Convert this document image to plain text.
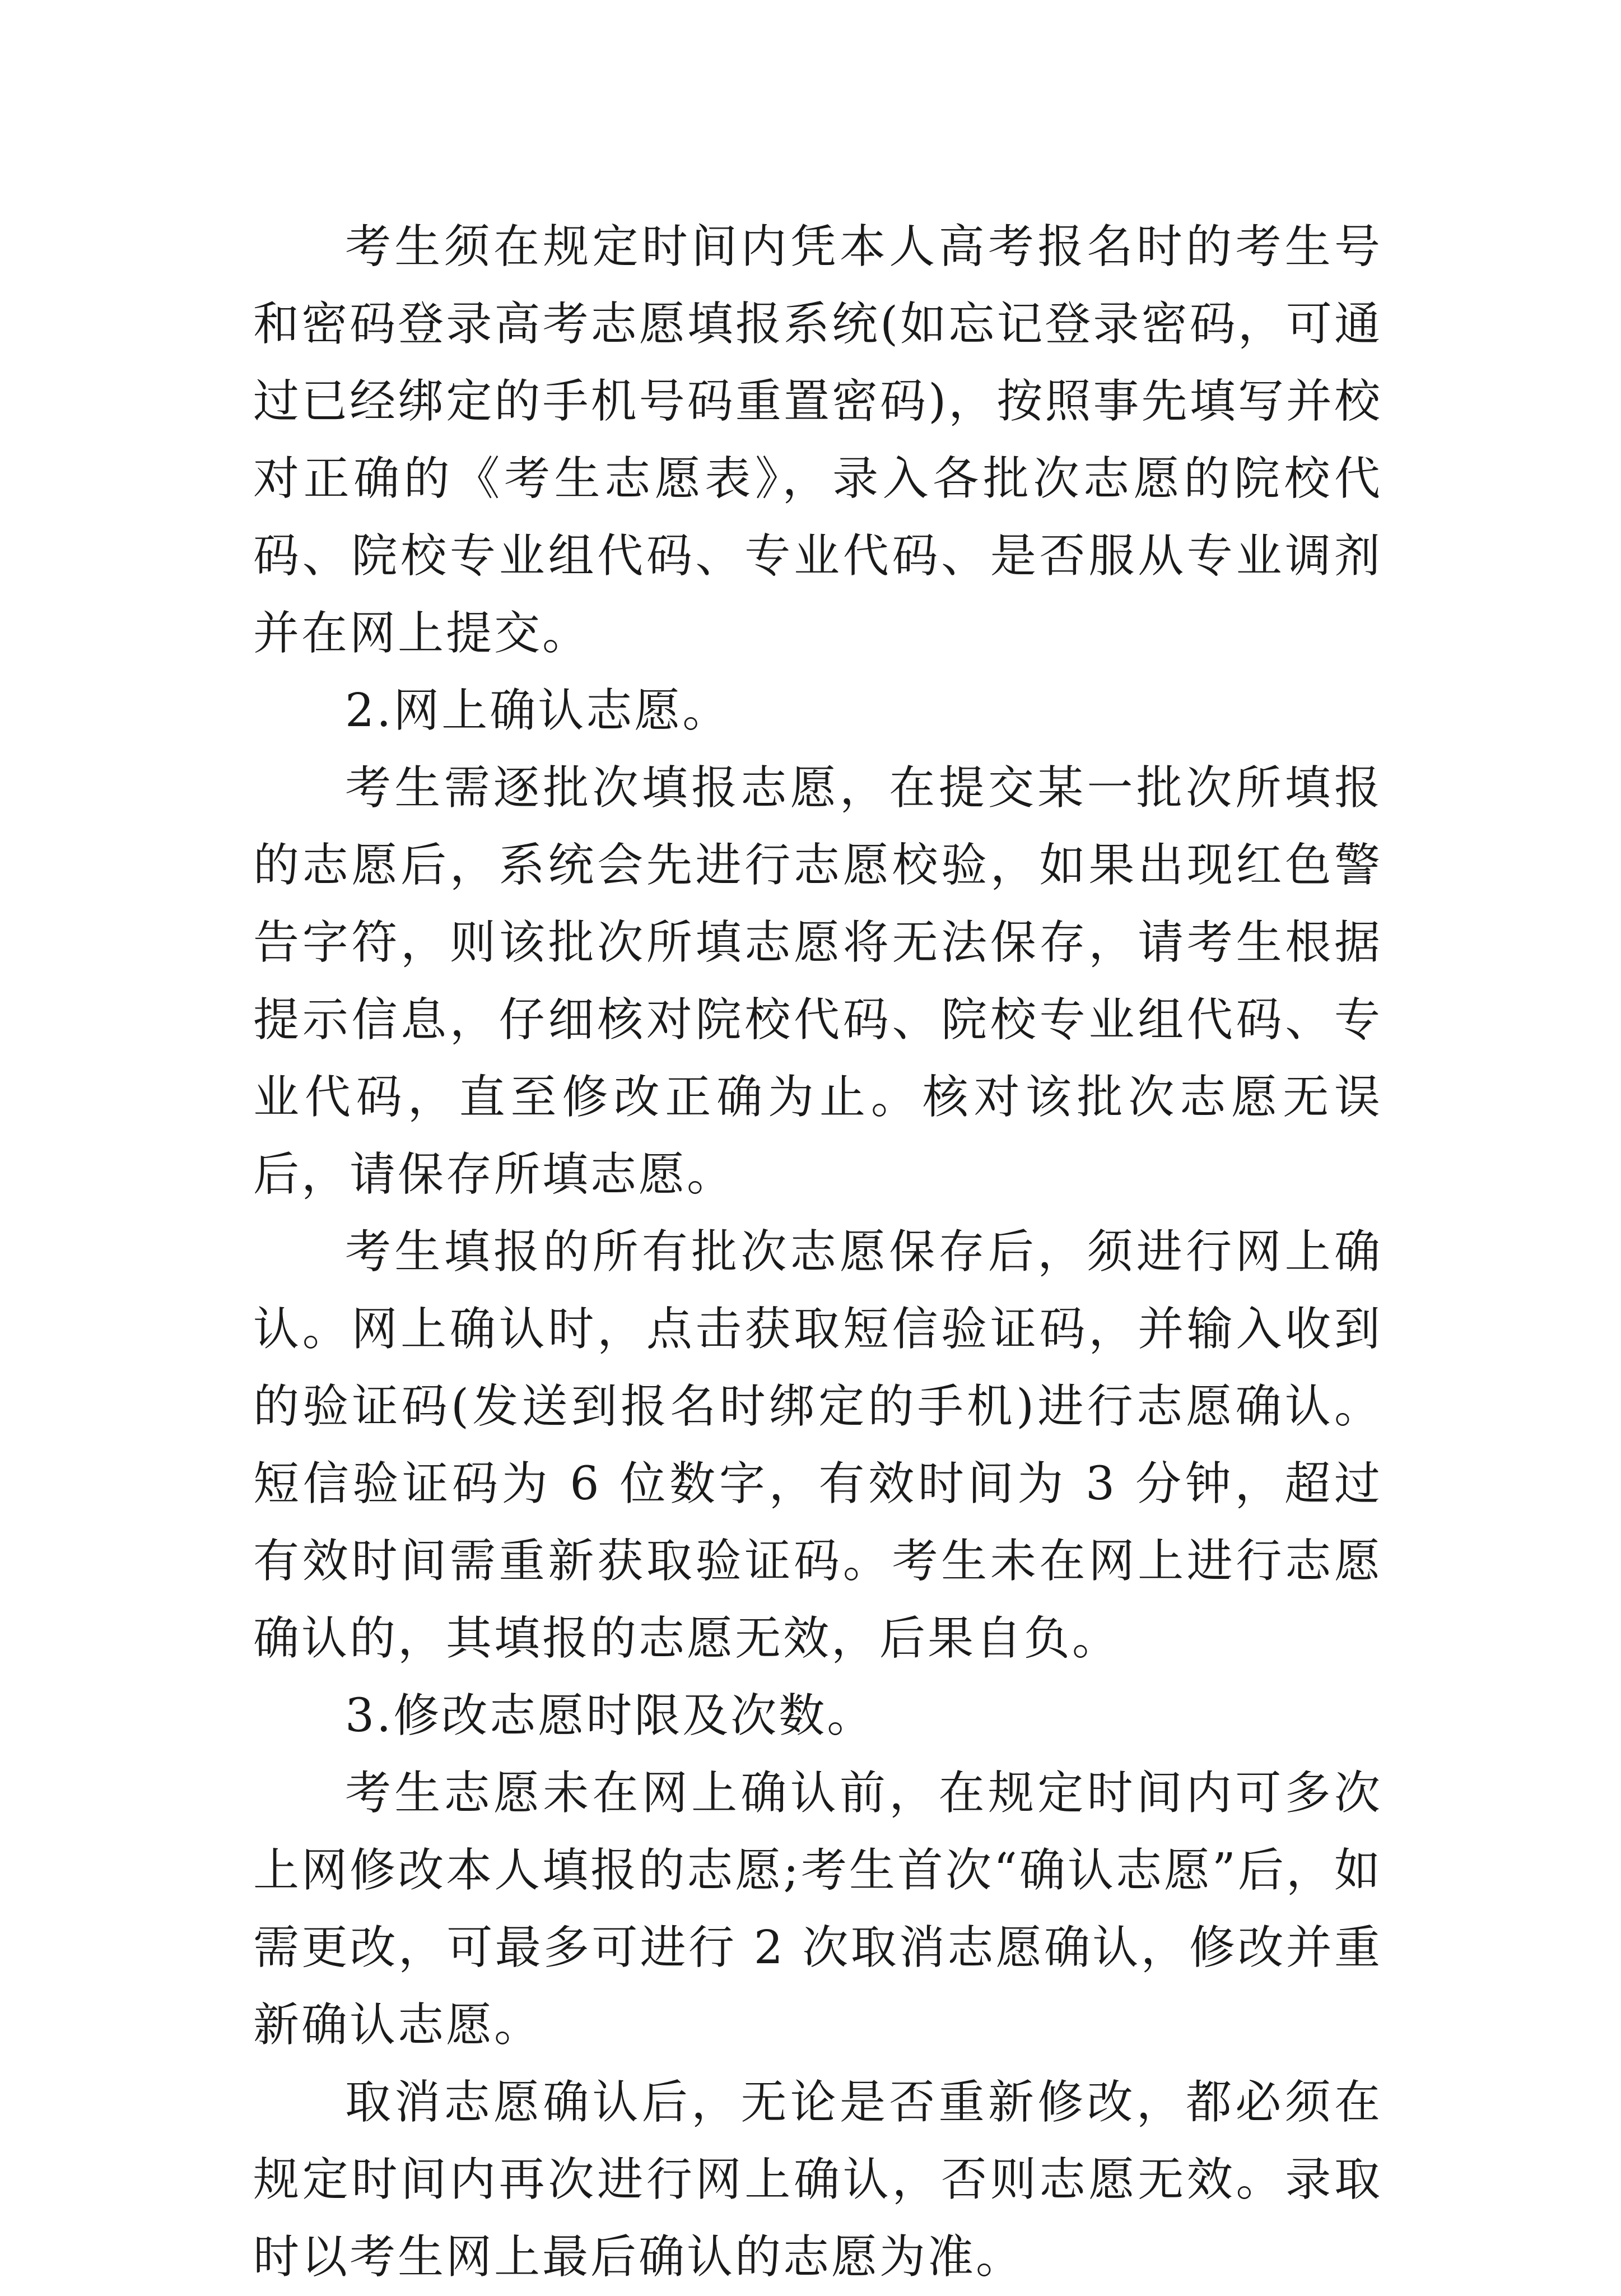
考生须在规定时间内凭本人高考报名时的考生号和密码登录高考志愿填报系统(如忘记登录密码，可通过已经绑定的手机号码重置密码)，按照事先填写并校对正确的《考生志愿表》，录入各批次志愿的院校代码、院校专业组代码、专业代码、是否服从专业调剂并在网上提交。

2.网上确认志愿。

考生需逐批次填报志愿，在提交某一批次所填报的志愿后，系统会先进行志愿校验，如果出现红色警告字符，则该批次所填志愿将无法保存，请考生根据提示信息，仔细核对院校代码、院校专业组代码、专业代码，直至修改正确为止。核对该批次志愿无误后，请保存所填志愿。

考生填报的所有批次志愿保存后，须进行网上确认。网上确认时，点击获取短信验证码，并输入收到的验证码(发送到报名时绑定的手机)进行志愿确认。短信验证码为 6 位数字，有效时间为 3 分钟，超过有效时间需重新获取验证码。考生未在网上进行志愿确认的，其填报的志愿无效，后果自负。

3.修改志愿时限及次数。

考生志愿未在网上确认前，在规定时间内可多次上网修改本人填报的志愿;考生首次“确认志愿”后，如需更改，可最多可进行 2 次取消志愿确认，修改并重新确认志愿。

取消志愿确认后，无论是否重新修改，都必须在规定时间内再次进行网上确认，否则志愿无效。录取时以考生网上最后确认的志愿为准。
